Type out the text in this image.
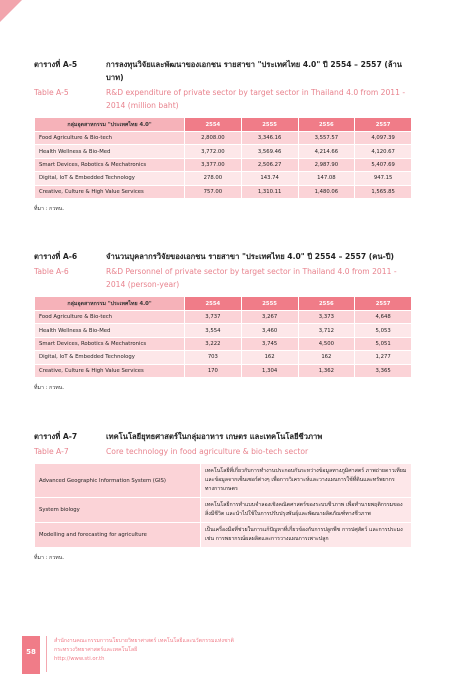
ตารางที่ A-5	การลงทุนวิจัยและพัฒนาของเอกชน รายสาขา "ประเทศไทย 4.0" ปี 2554 – 2557 (ล้านบาท)
Table A-5	R&D expenditure of private sector by target sector in Thailand 4.0 from 2011 - 2014 (million baht)
กลุ่มอุตสาหกรรม "ประเทศไทย 4.0"	2554	2555	2556	2557
Food Agriculture & Bio-tech	2,808.00	3,346.16	3,557.57	4,097.39
Health Wellness & Bio-Med	3,772.00	3,569.46	4,214.66	4,120.67
Smart Devices, Robotics & Mechatronics	3,377.00	2,506.27	2,987.90	5,407.69
Digital, IoT & Embedded Technology	278.00	143.74	147.08	947.15
Creative, Culture & High Value Services	757.00	1,310.11	1,480.06	1,565.85
ที่มา : กวทน.
ตารางที่ A-6	จำนวนบุคลากรวิจัยของเอกชน รายสาขา "ประเทศไทย 4.0" ปี 2554 – 2557 (คน-ปี)
Table A-6	R&D Personnel of private sector by target sector in Thailand 4.0 from 2011 - 2014 (person-year)
กลุ่มอุตสาหกรรม "ประเทศไทย 4.0"	2554	2555	2556	2557
Food Agriculture & Bio-tech	3,737	3,267	3,373	4,648
Health Wellness & Bio-Med	3,554	3,460	3,712	5,053
Smart Devices, Robotics & Mechatronics	3,222	3,745	4,500	5,051
Digital, IoT & Embedded Technology	703	162	162	1,277
Creative, Culture & High Value Services	170	1,304	1,362	3,365
ที่มา : กวทน.
ตารางที่ A-7	เทคโนโลยียุทธศาสตร์ในกลุ่มอาหาร เกษตร และเทคโนโลยีชีวภาพ
Table A-7	Core technology in food agriculture & bio-tech sector
Advanced Geographic Information System (GIS)	เทคโนโลยีที่เกี่ยวกับการทำงานประกอบกันระหว่างข้อมูลทางภูมิศาสตร์ ภาพถ่ายดาวเทียม และข้อมูลจากเซ็นเซอร์ต่างๆ เพื่อการวิเคราะห์และวางแผนการใช้ที่ดินและทรัพยากรทางการเกษตร
System biology	เทคโนโลยีการทำแบบจำลองเชิงคณิตศาสตร์ของระบบชีวภาพ เพื่อทำนายพฤติกรรมของสิ่งมีชีวิต และนำไปใช้ในการปรับปรุงพันธุ์และพัฒนาผลิตภัณฑ์ทางชีวภาพ
Modelling and forecasting for agriculture	เป็นเครื่องมือที่ช่วยในการแก้ปัญหาที่เกี่ยวข้องกับการปลูกพืช การปศุสัตว์ และการประมง เช่น การพยากรณ์ผลผลิตและการวางแผนการเพาะปลูก
ที่มา : กวทน.
58
สำนักงานคณะกรรมการนโยบายวิทยาศาสตร์ เทคโนโลยีและนวัตกรรมแห่งชาติ
กระทรวงวิทยาศาสตร์และเทคโนโลยี
http://www.sti.or.th
